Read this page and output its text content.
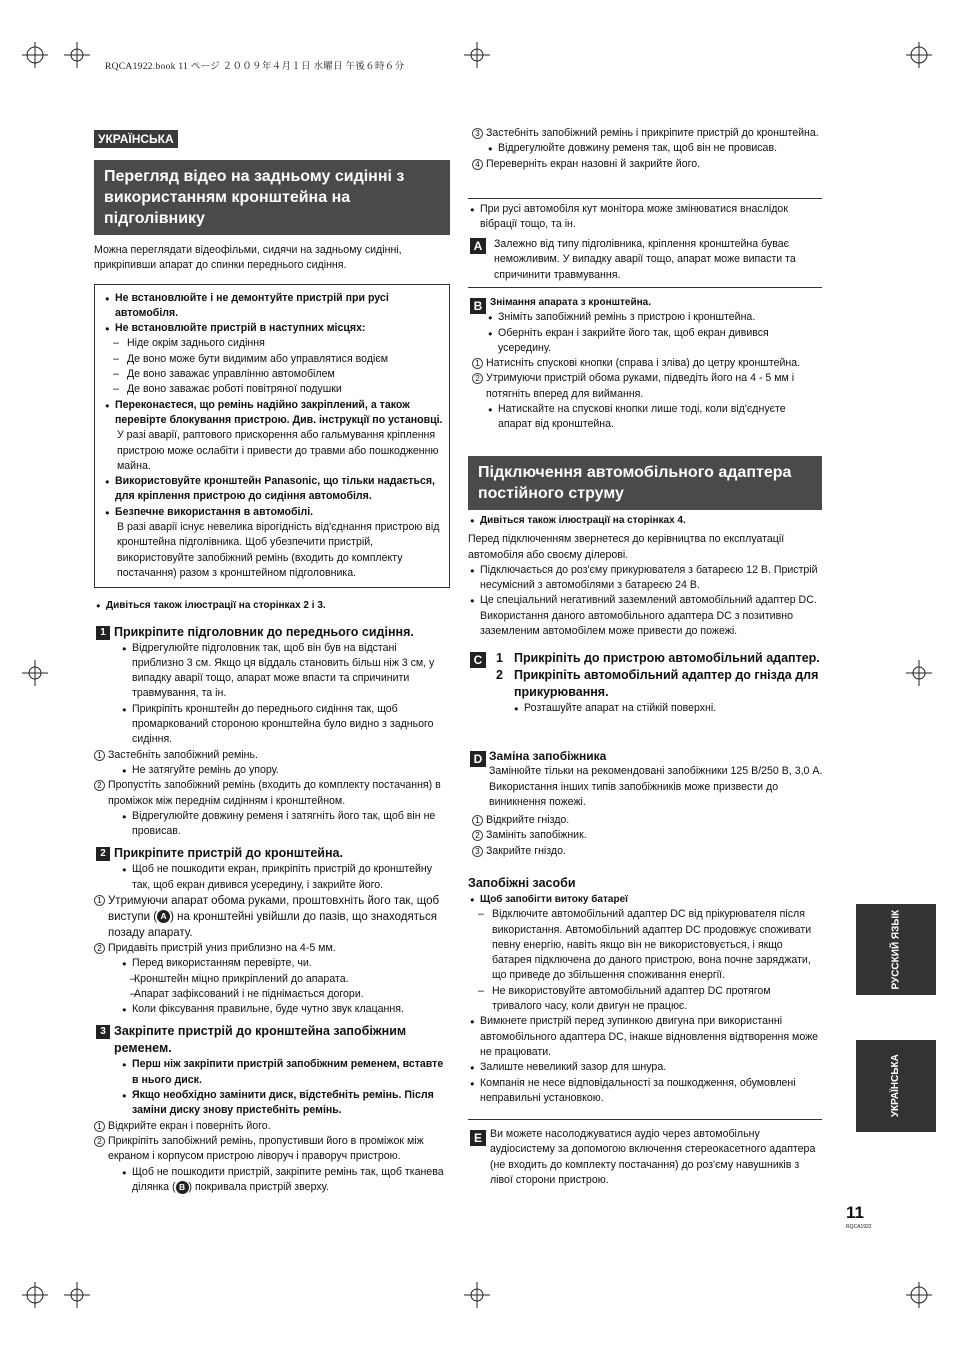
RQCA1922.book 11 ページ ２００９年４月１日 水曜日 午後６時６分
УКРАЇНСЬКА
Перегляд відео на задньому сидінні з використанням кронштейна на підголівнику
Можна переглядати відеофільми, сидячи на задньому сидінні, прикріпивши апарат до спинки переднього сидіння.
● Не встановлюйте і не демонтуйте пристрій при русі автомобіля.
● Не встановлюйте пристрій в наступних місцях:
– Ніде окрім заднього сидіння
– Де воно може бути видимим або управлятися водієм
– Де воно заважає управлінню автомобілем
– Де воно заважає роботі повітряної подушки
● Переконаєтеся, що ремінь надійно закріплений, а також перевірте блокування пристрою. Див. інструкції по установці.
У разі аварії, раптового прискорення або гальмування кріплення пристрою може ослабіти і привести до травми або пошкодженню майна.
● Використовуйте кронштейн Panasonic, що тільки надається, для кріплення пристрою до сидіння автомобіля.
● Безпечне використання в автомобілі.
В разі аварії існує невелика вірогідність від'єднання пристрою від кронштейна підголівника. Щоб убезпечити пристрій, використовуйте запобіжний ремінь (входить до комплекту постачання) разом з кронштейном підголовника.
● Дивіться також ілюстрації на сторінках 2 і 3.
1 Прикріпите підголовник до переднього сидіння.
● Відрегулюйте підголовник так, щоб він був на відстані приблизно 3 см. Якщо ця віддаль становить більш ніж 3 см, у випадку аварії тощо, апарат може впасти та спричинити травмування, та ін.
● Прикріпіть кронштейн до переднього сидіння так, щоб промаркований стороною кронштейна було видно з заднього сидіння.
1 Застебніть запобіжний ремінь.
● Не затягуйте ремінь до упору.
2 Пропустіть запобіжний ремінь (входить до комплекту постачання) в проміжок між переднім сидінням і кронштейном.
● Відрегулюйте довжину ременя і затягніть його так, щоб він не провисав.
2 Прикріпите пристрій до кронштейна.
● Щоб не пошкодити екран, прикріпіть пристрій до кронштейну так, щоб екран дивився усередину, і закрийте його.
1 Утримуючи апарат обома руками, проштовхніть його так, щоб виступи ( A ) на кронштейні увійшли до пазів, що знаходяться позаду апарату.
2 Придавіть пристрій униз приблизно на 4-5 мм.
● Перед використанням перевірте, чи.
– Кронштейн міцно прикріплений до апарата.
– Апарат зафіксований і не піднімається догори.
● Коли фіксування правильне, буде чутно звук клацання.
3 Закріпите пристрій до кронштейна запобіжним ременем.
● Перш ніж закріпити пристрій запобіжним ременем, вставте в нього диск.
● Якщо необхідно замінити диск, відстебніть ремінь. Після заміни диску знову пристебніть ремінь.
1 Відкрийте екран і поверніть його.
2 Прикріпіть запобіжний ремінь, пропустивши його в проміжок між екраном і корпусом пристрою ліворуч і праворуч пристрою.
● Щоб не пошкодити пристрій, закріпите ремінь так, щоб тканева ділянка ( B ) покривала пристрій зверху.
3 Застебніть запобіжний ремінь і прикріпите пристрій до кронштейна.
● Відрегулюйте довжину ременя так, щоб він не провисав.
4 Переверніть екран назовні й закрийте його.
● При русі автомобіля кут монітора може змінюватися внаслідок вібрації тощо, та ін.
A	Залежно від типу підголівника, кріплення кронштейна буває неможливим. У випадку аварії тощо, апарат може випасти та спричинити травмування.
B Знімання апарата з кронштейна.
● Зніміть запобіжний ремінь з пристрою і кронштейна.
● Оберніть екран і закрийте його так, щоб екран дивився усередину.
1 Натисніть спускові кнопки (справа і зліва) до цетру кронштейна.
2 Утримуючи пристрій обома руками, підведіть його на 4 - 5 мм і потягніть вперед для виймання.
● Натискайте на спускові кнопки лише тоді, коли від'єднуєте апарат від кронштейна.
Підключення автомобільного адаптера постійного струму
● Дивіться також ілюстрації на сторінках 4.
Перед підключенням звернетеся до керівництва по експлуатації автомобіля або своєму ділерові.
● Підключається до роз'єму прикурювателя з батареєю 12 В. Пристрій несумісний з автомобілями з батареєю 24 В.
● Це спеціальний негативний заземлений автомобільний адаптер DC. Використання даного автомобільного адаптера DC з позитивно заземленим автомобілем може привести до пожежі.
C 1 Прикріпіть до пристрою автомобільний адаптер.
2 Прикріпіть автомобільний адаптер до гнізда для прикурювання.
● Розташуйте апарат на стійкій поверхні.
D Заміна запобіжника
Замінюйте тільки на рекомендовані запобіжники 125 В/250 В, 3,0 А. Використання інших типів запобіжників може призвести до виникнення пожежі.
1 Відкрийте гніздо.
2 Замініть запобіжник.
3 Закрийте гніздо.
Запобіжні засоби
● Щоб запобігти витоку батареї
– Відключите автомобільний адаптер DC від прікурювателя після використання. Автомобільний адаптер DC продовжує споживати певну енергію, навіть якщо він не використовується, і якщо батарея підключена до даного пристрою, вона почне заряджати, що приведе до збільшення споживання енергії.
– Не використовуйте автомобільний адаптер DC протягом тривалого часу, коли двигун не працює.
● Вимкнете пристрій перед зупинкою двигуна при використанні автомобільного адаптера DC, інакше відновлення відтворення може не працювати.
● Залиште невеликий зазор для шнура.
● Компанія не несе відповідальності за пошкодження, обумовлені неправильні установкою.
E Ви можете насолоджуватися аудіо через автомобільну аудіосистему за допомогою включення стереокасетного адаптера (не входить до комплекту постачання) до роз'єму навушників з лівої сторони пристрою.
РУССКИЙ ЯЗЫК
УКРАЇНСЬКА
11
RQCA1922
